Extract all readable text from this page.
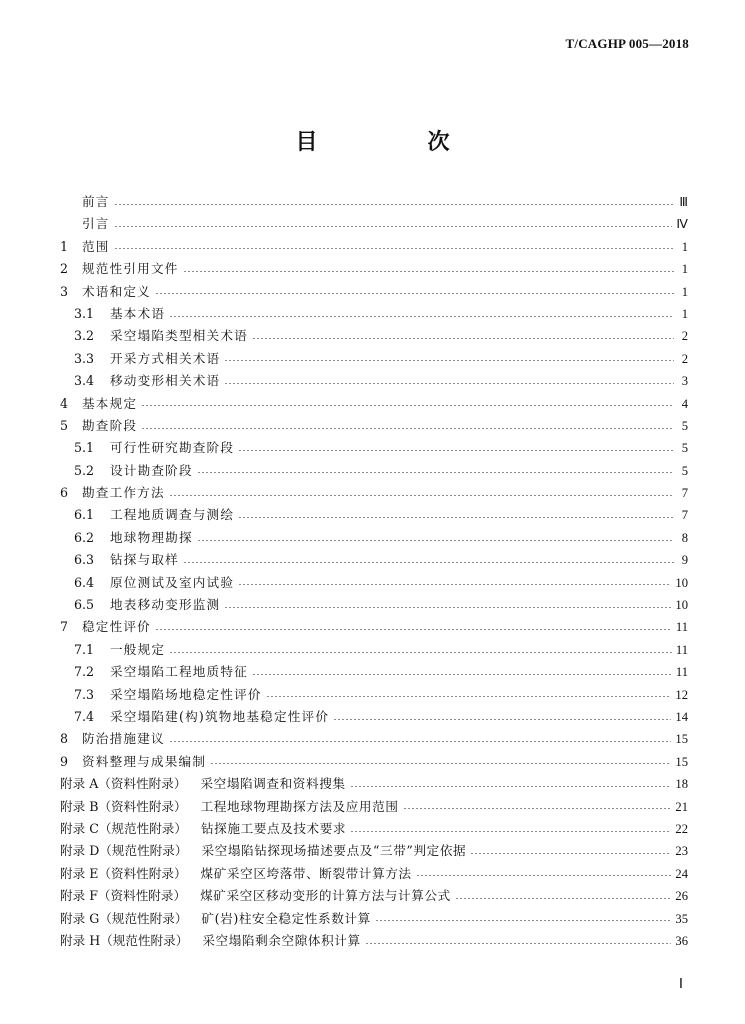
T/CAGHP 005—2018
目　次
前言	Ⅲ
引言	Ⅳ
1	范围	1
2	规范性引用文件	1
3	术语和定义	1
3.1	基本术语	1
3.2	采空塌陷类型相关术语	2
3.3	开采方式相关术语	2
3.4	移动变形相关术语	3
4	基本规定	4
5	勘查阶段	5
5.1	可行性研究勘查阶段	5
5.2	设计勘查阶段	5
6	勘查工作方法	7
6.1	工程地质调查与测绘	7
6.2	地球物理勘探	8
6.3	钻探与取样	9
6.4	原位测试及室内试验	10
6.5	地表移动变形监测	10
7	稳定性评价	11
7.1	一般规定	11
7.2	采空塌陷工程地质特征	11
7.3	采空塌陷场地稳定性评价	12
7.4	采空塌陷建(构)筑物地基稳定性评价	14
8	防治措施建议	15
9	资料整理与成果编制	15
附录 A（资料性附录）	采空塌陷调查和资料搜集	18
附录 B（资料性附录）	工程地球物理勘探方法及应用范围	21
附录 C（规范性附录）	钻探施工要点及技术要求	22
附录 D（规范性附录）	采空塌陷钻探现场描述要点及“三带”判定依据	23
附录 E（资料性附录）	煤矿采空区垮落带、断裂带计算方法	24
附录 F（资料性附录）	煤矿采空区移动变形的计算方法与计算公式	26
附录 G（规范性附录）	矿(岩)柱安全稳定性系数计算	35
附录 H（规范性附录）	采空塌陷剩余空隙体积计算	36
Ⅰ
